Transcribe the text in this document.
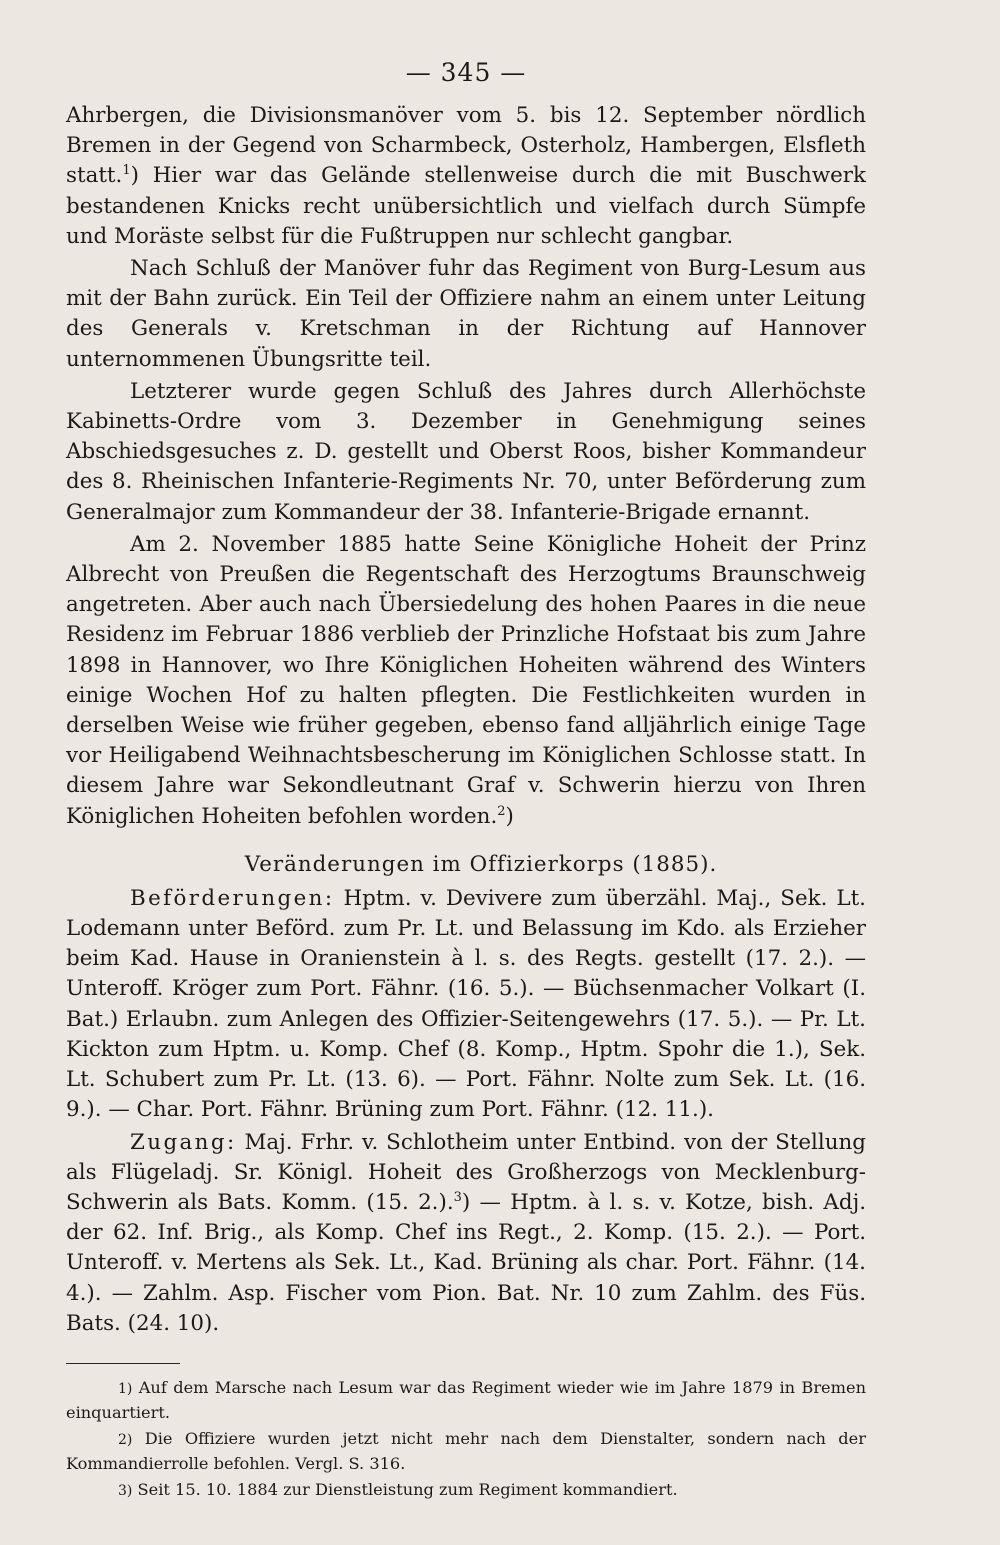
— 345 —

Ahrbergen, die Divisionsmanöver vom 5. bis 12. September nördlich Bremen in der Gegend von Scharmbeck, Osterholz, Hambergen, Elsfleth statt.$^1$) Hier war das Gelände stellenweise durch die mit Buschwerk bestandenen Knicks recht unübersichtlich und vielfach durch Sümpfe und Moräste selbst für die Fußtruppen nur schlecht gangbar.

Nach Schluß der Manöver fuhr das Regiment von Burg-Lesum aus mit der Bahn zurück. Ein Teil der Offiziere nahm an einem unter Leitung des Generals v. Kretschman in der Richtung auf Hannover unternommenen Übungsritte teil.

Letzterer wurde gegen Schluß des Jahres durch Allerhöchste Kabinetts-Ordre vom 3. Dezember in Genehmigung seines Abschiedsgesuches z. D. gestellt und Oberst Roos, bisher Kommandeur des 8. Rheinischen Infanterie-Regiments Nr. 70, unter Beförderung zum Generalmajor zum Kommandeur der 38. Infanterie-Brigade ernannt.

Am 2. November 1885 hatte Seine Königliche Hoheit der Prinz Albrecht von Preußen die Regentschaft des Herzogtums Braunschweig angetreten. Aber auch nach Übersiedelung des hohen Paares in die neue Residenz im Februar 1886 verblieb der Prinzliche Hofstaat bis zum Jahre 1898 in Hannover, wo Ihre Königlichen Hoheiten während des Winters einige Wochen Hof zu halten pflegten. Die Festlichkeiten wurden in derselben Weise wie früher gegeben, ebenso fand alljährlich einige Tage vor Heiligabend Weihnachtsbescherung im Königlichen Schlosse statt. In diesem Jahre war Sekondleutnant Graf v. Schwerin hierzu von Ihren Königlichen Hoheiten befohlen worden.$^2$)

Veränderungen im Offizierkorps (1885).

Beförderungen: Hptm. v. Devivere zum überzähl. Maj., Sek. Lt. Lodemann unter Beförd. zum Pr. Lt. und Belassung im Kdo. als Erzieher beim Kad. Hause in Oranienstein à l. s. des Regts. gestellt (17. 2.). — Unteroff. Kröger zum Port. Fähnr. (16. 5.). — Büchsenmacher Volkart (I. Bat.) Erlaubn. zum Anlegen des Offizier-Seitengewehrs (17. 5.). — Pr. Lt. Kickton zum Hptm. u. Komp. Chef (8. Komp., Hptm. Spohr die 1.), Sek. Lt. Schubert zum Pr. Lt. (13. 6). — Port. Fähnr. Nolte zum Sek. Lt. (16. 9.). — Char. Port. Fähnr. Brüning zum Port. Fähnr. (12. 11.).

Zugang: Maj. Frhr. v. Schlotheim unter Entbind. von der Stellung als Flügeladj. Sr. Königl. Hoheit des Großherzogs von Mecklenburg-Schwerin als Bats. Komm. (15. 2.).$^3$) — Hptm. à l. s. v. Kotze, bish. Adj. der 62. Inf. Brig., als Komp. Chef ins Regt., 2. Komp. (15. 2.). — Port. Unteroff. v. Mertens als Sek. Lt., Kad. Brüning als char. Port. Fähnr. (14. 4.). — Zahlm. Asp. Fischer vom Pion. Bat. Nr. 10 zum Zahlm. des Füs. Bats. (24. 10).

1) Auf dem Marsche nach Lesum war das Regiment wieder wie im Jahre 1879 in Bremen einquartiert.

2) Die Offiziere wurden jetzt nicht mehr nach dem Dienstalter, sondern nach der Kommandierrolle befohlen. Vergl. S. 316.

3) Seit 15. 10. 1884 zur Dienstleistung zum Regiment kommandiert.
